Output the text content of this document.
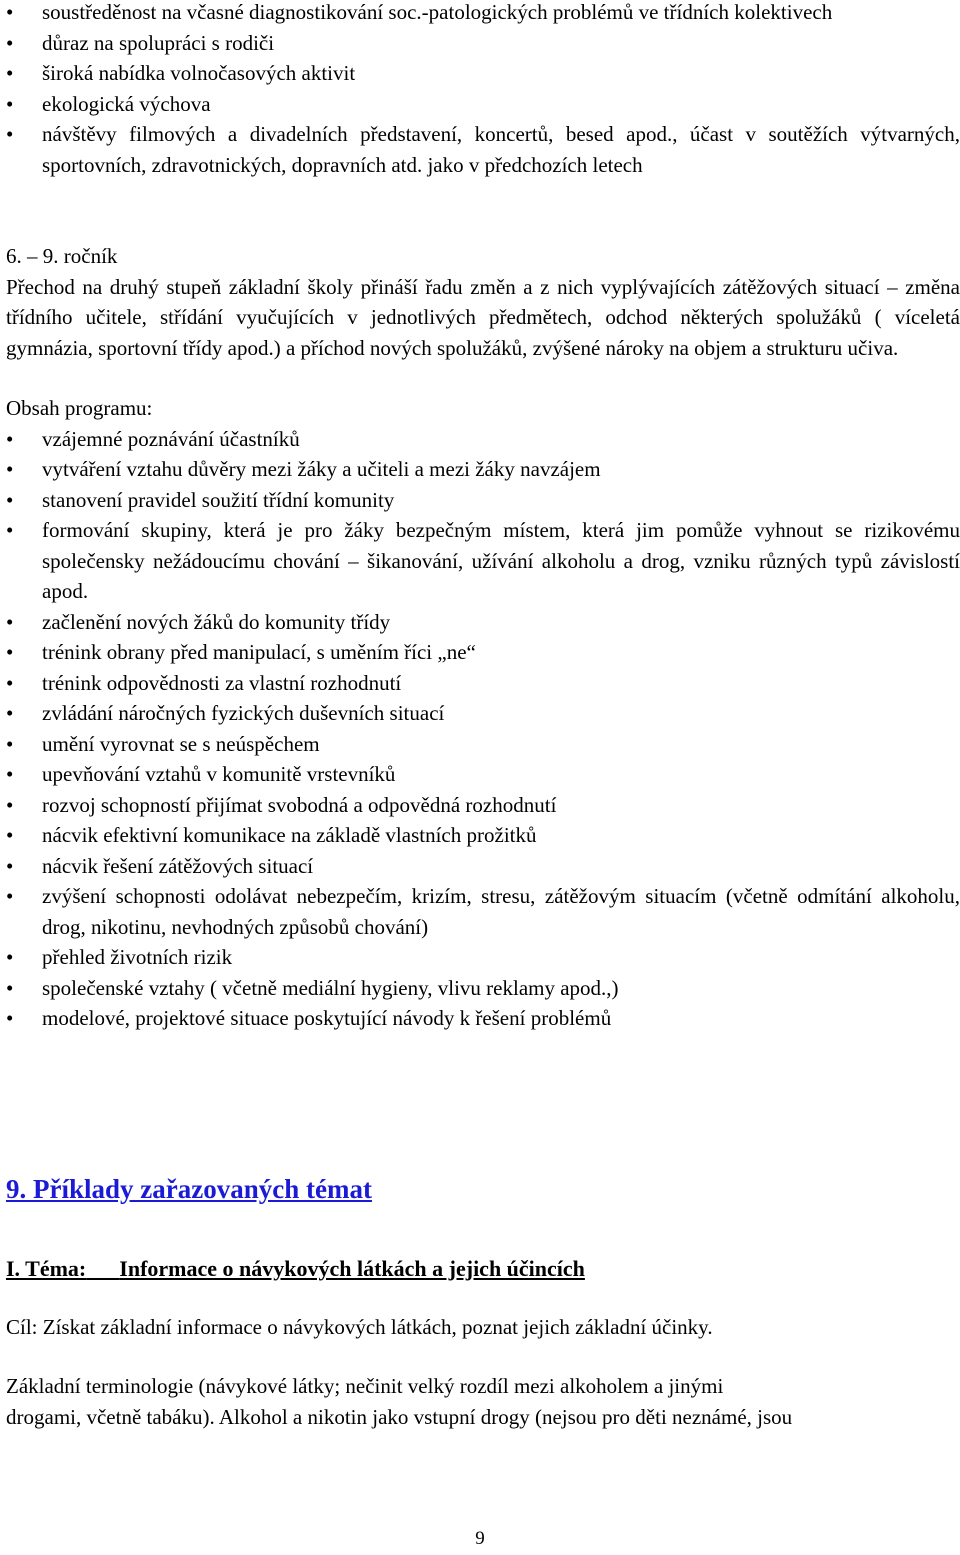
• soustředěnost na včasné diagnostikování soc.-patologických problémů ve třídních kolektivech
• důraz na spolupráci s rodiči
• široká nabídka volnočasových aktivit
• ekologická výchova
• návštěvy filmových a divadelních představení, koncertů, besed apod., účast v soutěžích výtvarných, sportovních, zdravotnických, dopravních atd. jako v předchozích letech

6. – 9. ročník

Přechod na druhý stupeň základní školy přináší řadu změn a z nich vyplývajících zátěžových situací – změna třídního učitele, střídání vyučujících v jednotlivých předmětech, odchod některých spolužáků ( víceletá gymnázia, sportovní třídy apod.) a příchod nových spolužáků, zvýšené nároky na objem a strukturu učiva.

Obsah programu:

• vzájemné poznávání účastníků
• vytváření vztahu důvěry mezi žáky a učiteli a mezi žáky navzájem
• stanovení pravidel soužití třídní komunity
• formování skupiny, která je pro žáky bezpečným místem, která jim pomůže vyhnout se rizikovému společensky nežádoucímu chování – šikanování, užívání alkoholu a drog, vzniku různých typů závislostí apod.
• začlenění nových žáků do komunity třídy
• trénink obrany před manipulací, s uměním říci „ne“
• trénink odpovědnosti za vlastní rozhodnutí
• zvládání náročných fyzických duševních situací
• umění vyrovnat se s neúspěchem
• upevňování vztahů v komunitě vrstevníků
• rozvoj schopností přijímat svobodná a odpovědná rozhodnutí
• nácvik efektivní komunikace na základě vlastních prožitků
• nácvik řešení zátěžových situací
• zvýšení schopnosti odolávat nebezpečím, krizím, stresu, zátěžovým situacím (včetně odmítání alkoholu, drog, nikotinu, nevhodných způsobů chování)
• přehled životních rizik
• společenské vztahy ( včetně mediální hygieny, vlivu reklamy apod.,)
• modelové, projektové situace poskytující návody k řešení problémů
9. Příklady zařazovaných témat
I. Téma: Informace o návykových látkách a jejich účincích
Cíl: Získat základní informace o návykových látkách, poznat jejich základní účinky.
Základní terminologie (návykové látky; nečinit velký rozdíl mezi alkoholem a jinými
drogami, včetně tabáku). Alkohol a nikotin jako vstupní drogy (nejsou pro děti neznámé, jsou
9
